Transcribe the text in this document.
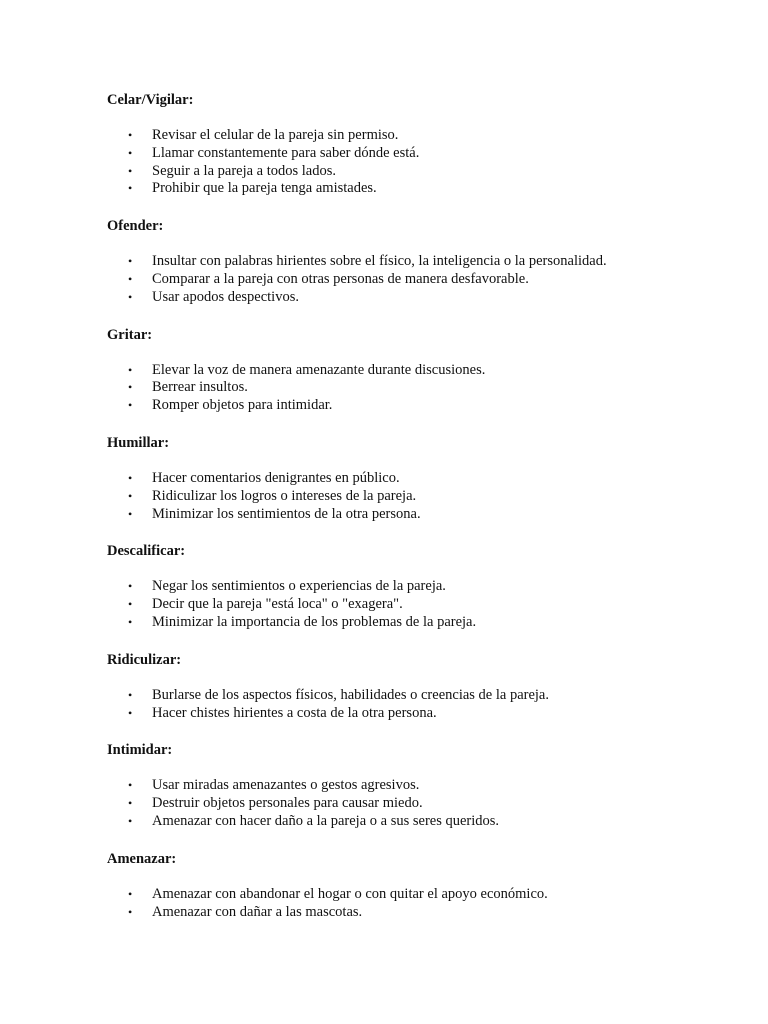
Celar/Vigilar:
• Revisar el celular de la pareja sin permiso.
• Llamar constantemente para saber dónde está.
• Seguir a la pareja a todos lados.
• Prohibir que la pareja tenga amistades.
Ofender:
• Insultar con palabras hirientes sobre el físico, la inteligencia o la personalidad.
• Comparar a la pareja con otras personas de manera desfavorable.
• Usar apodos despectivos.
Gritar:
• Elevar la voz de manera amenazante durante discusiones.
• Berrear insultos.
• Romper objetos para intimidar.
Humillar:
• Hacer comentarios denigrantes en público.
• Ridiculizar los logros o intereses de la pareja.
• Minimizar los sentimientos de la otra persona.
Descalificar:
• Negar los sentimientos o experiencias de la pareja.
• Decir que la pareja "está loca" o "exagera".
• Minimizar la importancia de los problemas de la pareja.
Ridiculizar:
• Burlarse de los aspectos físicos, habilidades o creencias de la pareja.
• Hacer chistes hirientes a costa de la otra persona.
Intimidar:
• Usar miradas amenazantes o gestos agresivos.
• Destruir objetos personales para causar miedo.
• Amenazar con hacer daño a la pareja o a sus seres queridos.
Amenazar:
• Amenazar con abandonar el hogar o con quitar el apoyo económico.
• Amenazar con dañar a las mascotas.
